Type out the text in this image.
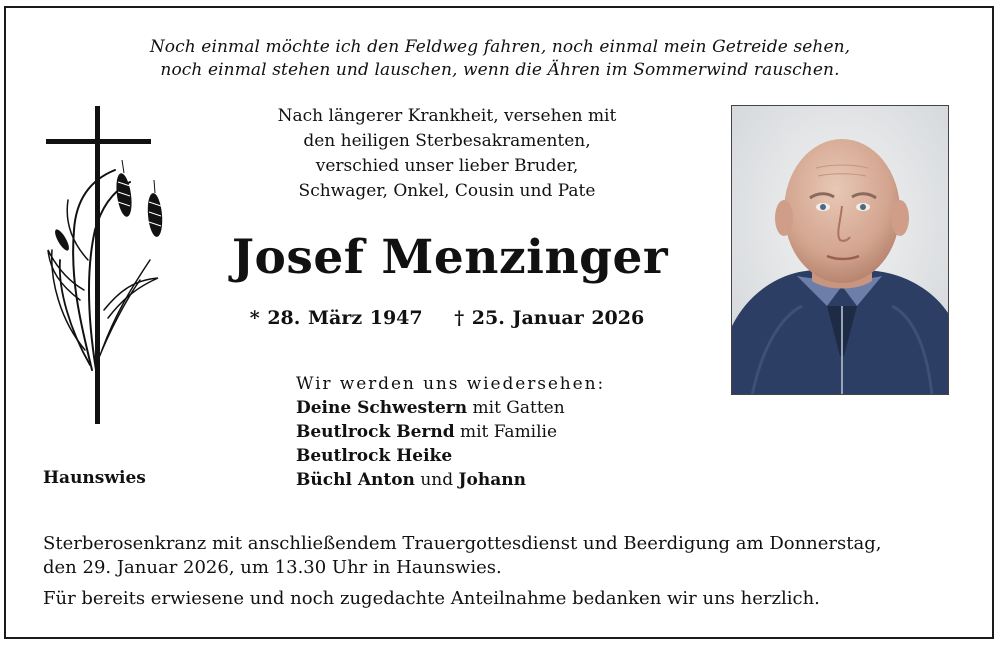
Noch einmal möchte ich den Feldweg fahren, noch einmal mein Getreide sehen,
noch einmal stehen und lauschen, wenn die Ähren im Sommerwind rauschen.
Nach längerer Krankheit, versehen mit
den heiligen Sterbesakramenten,
verschied unser lieber Bruder,
Schwager, Onkel, Cousin und Pate
Josef Menzinger
* 28. März 1947 † 25. Januar 2026
Wir werden uns wiedersehen:
Deine Schwestern mit Gatten
Beutlrock Bernd mit Familie
Beutlrock Heike
Büchl Anton und Johann
Haunswies

Sterberosenkranz mit anschließendem Trauergottesdienst und Beerdigung am Donnerstag,
den 29. Januar 2026, um 13.30 Uhr in Haunswies.

Für bereits erwiesene und noch zugedachte Anteilnahme bedanken wir uns herzlich.
